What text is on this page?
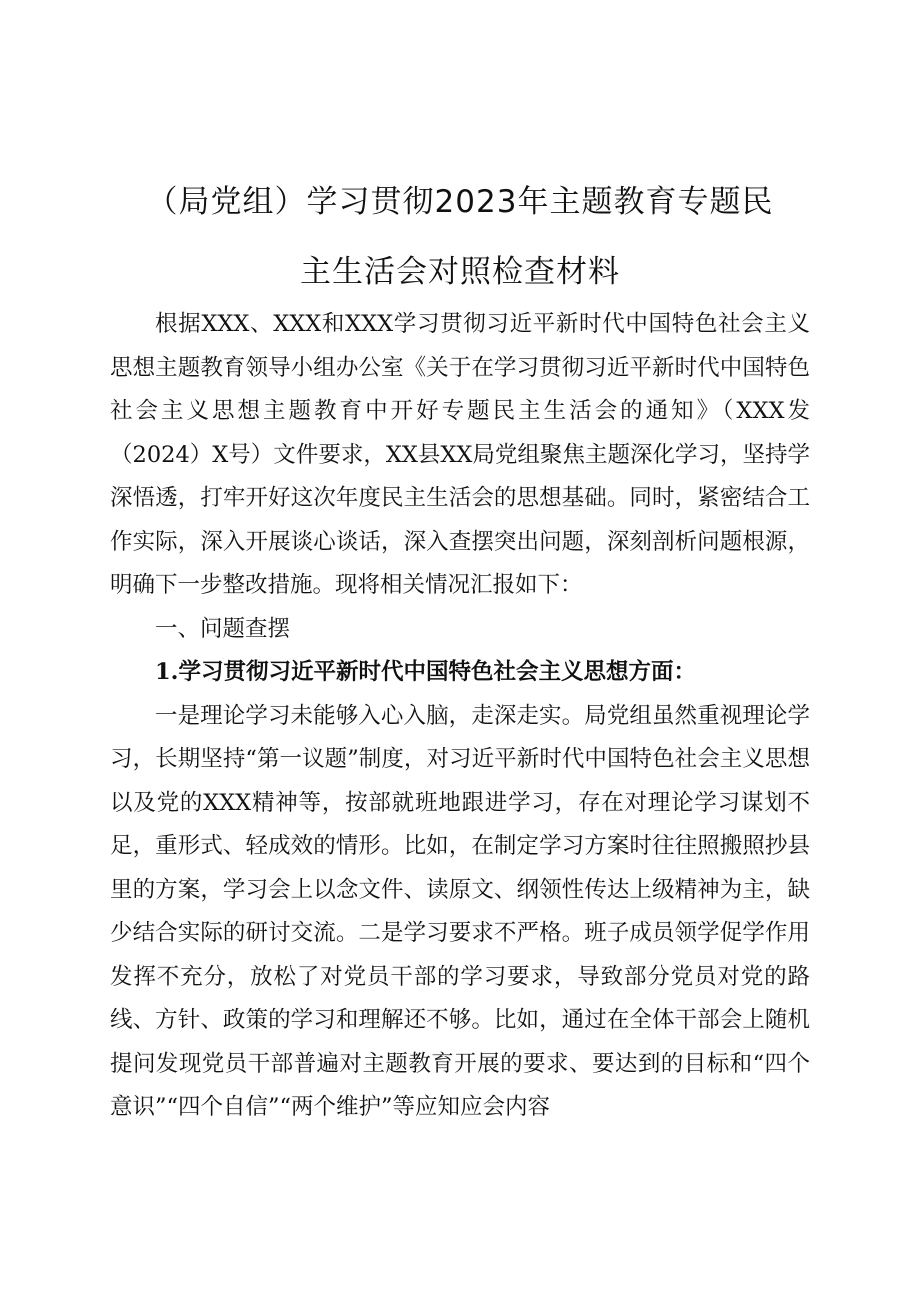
（局党组）学习贯彻2023年主题教育专题民
主生活会对照检查材料

根据XXX、XXX和XXX学习贯彻习近平新时代中国特色社会主义思想主题教育领导小组办公室《关于在学习贯彻习近平新时代中国特色社会主义思想主题教育中开好专题民主生活会的通知》（XXX发（2024）X号）文件要求，XX县XX局党组聚焦主题深化学习，坚持学深悟透，打牢开好这次年度民主生活会的思想基础。同时，紧密结合工作实际，深入开展谈心谈话，深入查摆突出问题，深刻剖析问题根源，明确下一步整改措施。现将相关情况汇报如下：

一、问题查摆

1.学习贯彻习近平新时代中国特色社会主义思想方面：

一是理论学习未能够入心入脑，走深走实。局党组虽然重视理论学习，长期坚持“第一议题”制度，对习近平新时代中国特色社会主义思想以及党的XXX精神等，按部就班地跟进学习，存在对理论学习谋划不足，重形式、轻成效的情形。比如，在制定学习方案时往往照搬照抄县里的方案，学习会上以念文件、读原文、纲领性传达上级精神为主，缺少结合实际的研讨交流。二是学习要求不严格。班子成员领学促学作用发挥不充分，放松了对党员干部的学习要求，导致部分党员对党的路线、方针、政策的学习和理解还不够。比如，通过在全体干部会上随机提问发现党员干部普遍对主题教育开展的要求、要达到的目标和“四个意识”“四个自信”“两个维护”等应知应会内容
